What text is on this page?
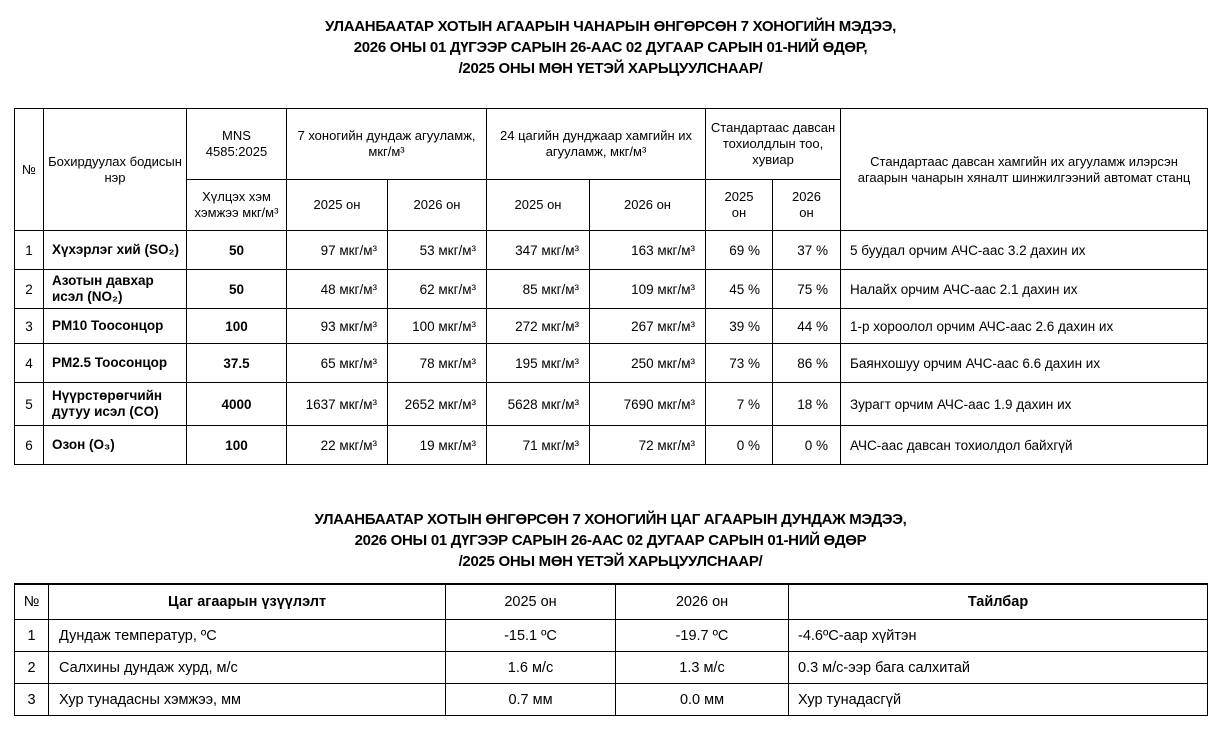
УЛААНБААТАР ХОТЫН АГААРЫН ЧАНАРЫН ӨНГӨРСӨН 7 ХОНОГИЙН МЭДЭЭ,
2026 ОНЫ 01 ДҮГЭЭР САРЫН 26-ААС 02 ДУГААР САРЫН 01-НИЙ ӨДӨР,
/2025 ОНЫ МӨН ҮЕТЭЙ ХАРЬЦУУЛСНААР/
№	Бохирдуулах бодисын нэр	MNS 4585:2025	7 хоногийн дундаж агууламж, мкг/м³		24 цагийн дунджаар хамгийн их агууламж, мкг/м³		Стандартаас давсан тохиолдлын тоо, хувиар		Стандартаас давсан хамгийн их агууламж илэрсэн агаарын чанарын хяналт шинжилгээний автомат станц
		Хүлцэх хэм хэмжээ мкг/м³	2025 он	2026 он	2025 он	2026 он	2025 он	2026 он	
1	Хүхэрлэг хий (SO₂)	50	97 мкг/м³	53 мкг/м³	347 мкг/м³	163 мкг/м³	69 %	37 %	5 буудал орчим АЧС-аас 3.2 дахин их
2	Азотын давхар исэл (NO₂)	50	48 мкг/м³	62 мкг/м³	85 мкг/м³	109 мкг/м³	45 %	75 %	Налайх орчим АЧС-аас 2.1 дахин их
3	PM10 Тоосонцор	100	93 мкг/м³	100 мкг/м³	272 мкг/м³	267 мкг/м³	39 %	44 %	1-р хороолол орчим АЧС-аас 2.6 дахин их
4	PM2.5 Тоосонцор	37.5	65 мкг/м³	78 мкг/м³	195 мкг/м³	250 мкг/м³	73 %	86 %	Баянхошуу орчим АЧС-аас 6.6 дахин их
5	Нүүрстөрөгчийн дутуу исэл (CO)	4000	1637 мкг/м³	2652 мкг/м³	5628 мкг/м³	7690 мкг/м³	7 %	18 %	Зурагт орчим АЧС-аас 1.9 дахин их
6	Озон (O₃)	100	22 мкг/м³	19 мкг/м³	71 мкг/м³	72 мкг/м³	0 %	0 %	АЧС-аас давсан тохиолдол байхгүй
УЛААНБААТАР ХОТЫН ӨНГӨРСӨН 7 ХОНОГИЙН ЦАГ АГААРЫН ДУНДАЖ МЭДЭЭ,
2026 ОНЫ 01 ДҮГЭЭР САРЫН 26-ААС 02 ДУГААР САРЫН 01-НИЙ ӨДӨР
/2025 ОНЫ МӨН ҮЕТЭЙ ХАРЬЦУУЛСНААР/
№	Цаг агаарын үзүүлэлт	2025 он	2026 он	Тайлбар
1	Дундаж температур, ºС	-15.1 ºС	-19.7 ºС	-4.6ºС-аар хүйтэн
2	Салхины дундаж хурд, м/с	1.6 м/с	1.3 м/с	0.3 м/с-ээр бага салхитай
3	Хур тунадасны хэмжээ, мм	0.7 мм	0.0 мм	Хур тунадасгүй
